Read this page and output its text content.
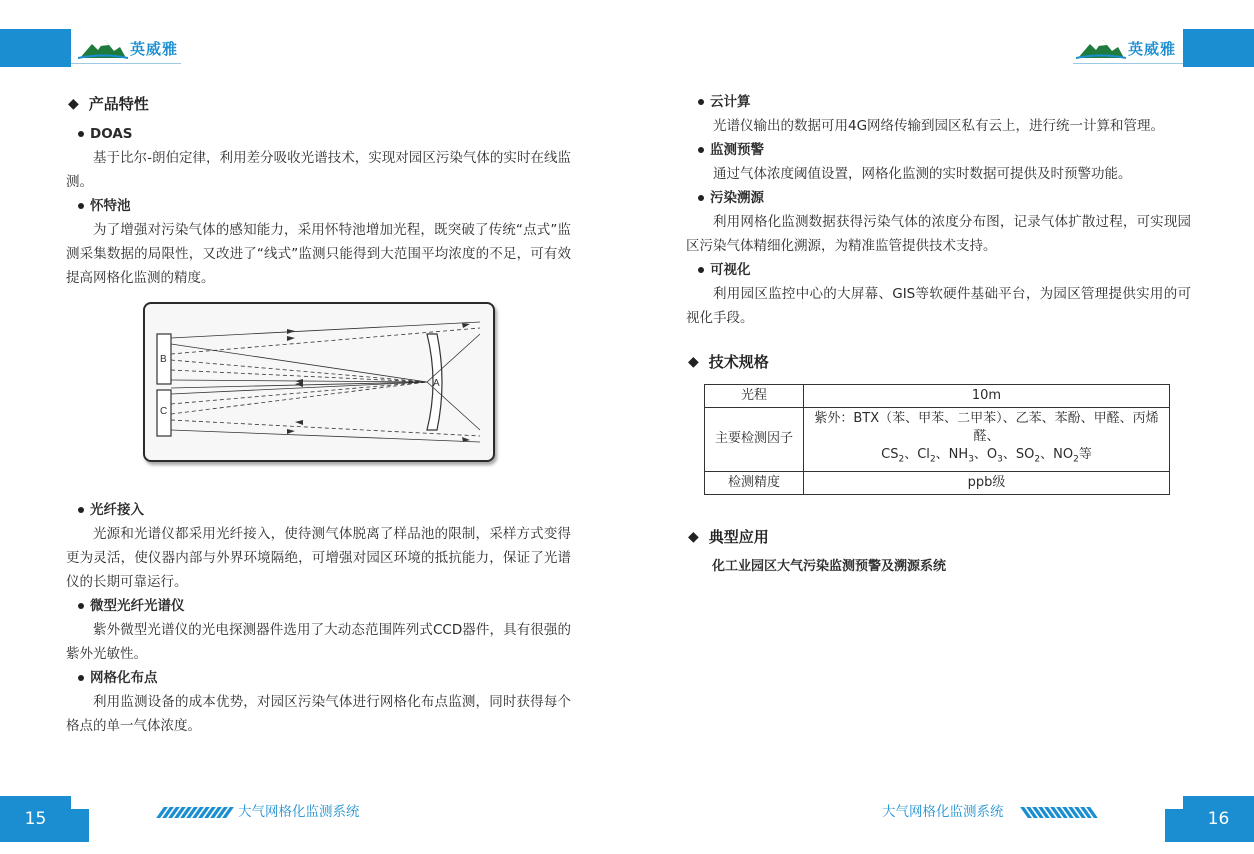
英威雅	英威雅
◆ 产品特性
DOAS
基于比尔-朗伯定律，利用差分吸收光谱技术，实现对园区污染气体的实时在线监测。
怀特池
为了增强对污染气体的感知能力，采用怀特池增加光程，既突破了传统“点式”监测采集数据的局限性，又改进了“线式”监测只能得到大范围平均浓度的不足，可有效提高网格化监测的精度。
B
C
A
光纤接入
光源和光谱仪都采用光纤接入，使待测气体脱离了样品池的限制，采样方式变得更为灵活，使仪器内部与外界环境隔绝，可增强对园区环境的抵抗能力，保证了光谱仪的长期可靠运行。
微型光纤光谱仪
紫外微型光谱仪的光电探测器件选用了大动态范围阵列式CCD器件，具有很强的紫外光敏性。
网格化布点
利用监测设备的成本优势，对园区污染气体进行网格化布点监测，同时获得每个格点的单一气体浓度。
云计算
光谱仪输出的数据可用4G网络传输到园区私有云上，进行统一计算和管理。
监测预警
通过气体浓度阈值设置，网格化监测的实时数据可提供及时预警功能。
污染溯源
利用网格化监测数据获得污染气体的浓度分布图，记录气体扩散过程，可实现园区污染气体精细化溯源，为精准监管提供技术支持。
可视化
利用园区监控中心的大屏幕、GIS等软硬件基础平台，为园区管理提供实用的可视化手段。
◆ 技术规格
光程	10m
主要检测因子	紫外：BTX（苯、甲苯、二甲苯）、乙苯、苯酚、甲醛、丙烯醛、
$CS_2$、$Cl_2$、$NH_3$、$O_3$、$SO_2$、$NO_2$等

检测精度	ppb级
◆ 典型应用
化工业园区大气污染监测预警及溯源系统
15	16
大气网格化监测系统	大气网格化监测系统
